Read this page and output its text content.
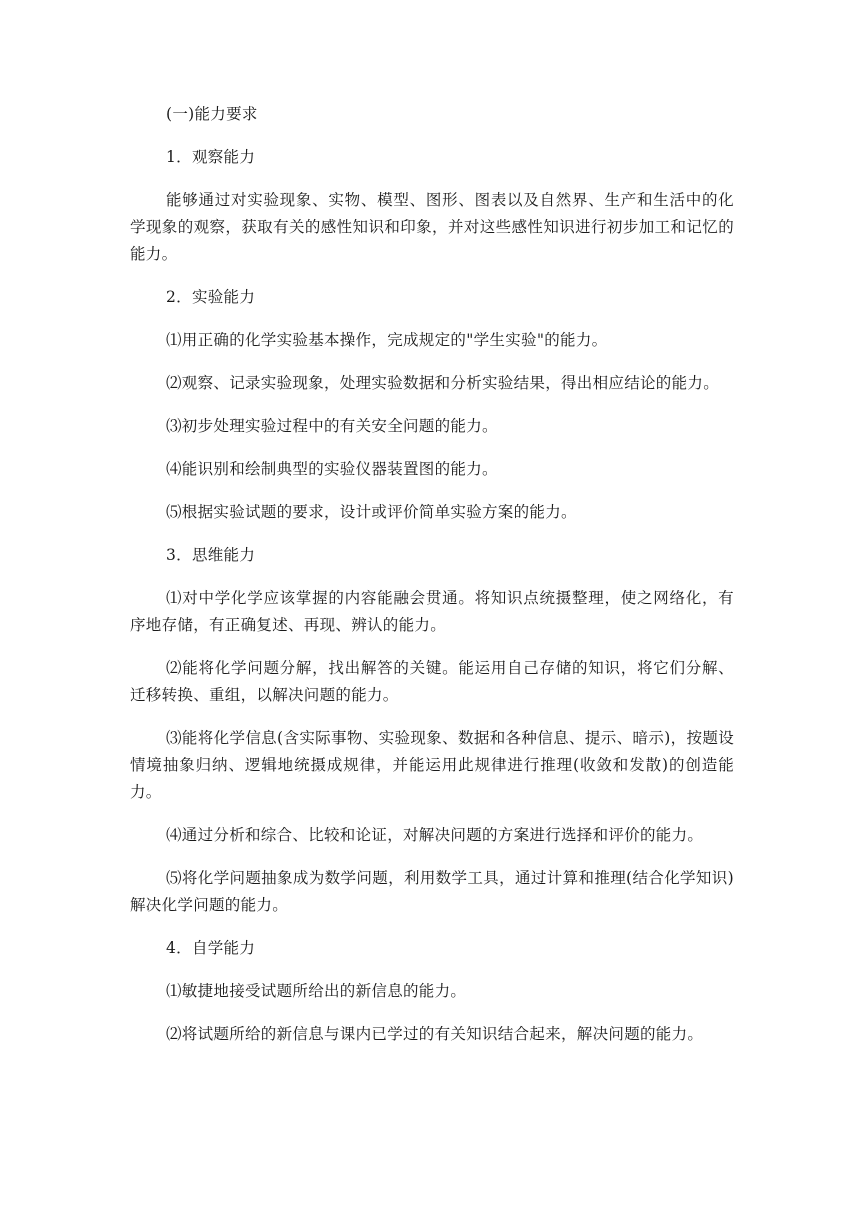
(一)能力要求

1．观察能力

能够通过对实验现象、实物、模型、图形、图表以及自然界、生产和生活中的化学现象的观察，获取有关的感性知识和印象，并对这些感性知识进行初步加工和记忆的能力。

2．实验能力

⑴用正确的化学实验基本操作，完成规定的"学生实验"的能力。

⑵观察、记录实验现象，处理实验数据和分析实验结果，得出相应结论的能力。

⑶初步处理实验过程中的有关安全问题的能力。

⑷能识别和绘制典型的实验仪器装置图的能力。

⑸根据实验试题的要求，设计或评价简单实验方案的能力。

3．思维能力

⑴对中学化学应该掌握的内容能融会贯通。将知识点统摄整理，使之网络化，有序地存储，有正确复述、再现、辨认的能力。

⑵能将化学问题分解，找出解答的关键。能运用自己存储的知识，将它们分解、迁移转换、重组，以解决问题的能力。

⑶能将化学信息(含实际事物、实验现象、数据和各种信息、提示、暗示)，按题设情境抽象归纳、逻辑地统摄成规律，并能运用此规律进行推理(收敛和发散)的创造能力。

⑷通过分析和综合、比较和论证，对解决问题的方案进行选择和评价的能力。

⑸将化学问题抽象成为数学问题，利用数学工具，通过计算和推理(结合化学知识)解决化学问题的能力。

4．自学能力

⑴敏捷地接受试题所给出的新信息的能力。

⑵将试题所给的新信息与课内已学过的有关知识结合起来，解决问题的能力。
